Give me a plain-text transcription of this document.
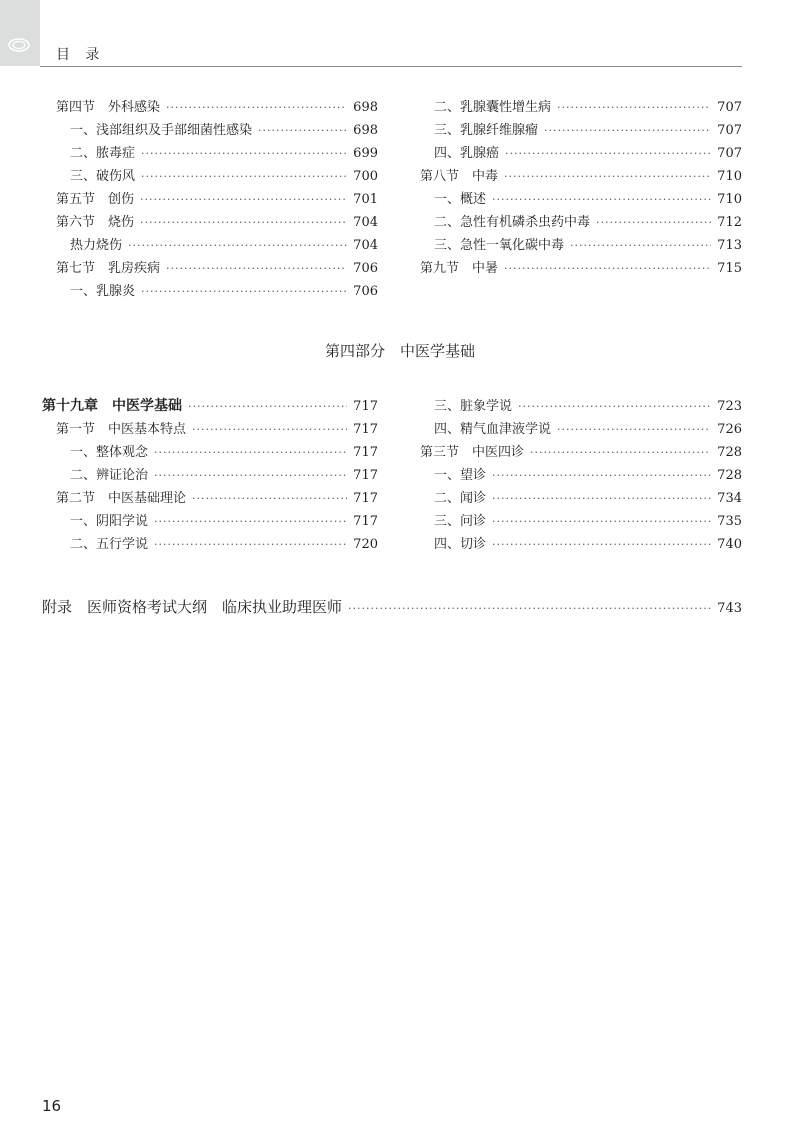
目　录
第四节　外科感染 ·····	698
一、浅部组织及手部细菌性感染 ·····	698
二、脓毒症 ·····	699
三、破伤风 ·····	700
第五节　创伤 ·····	701
第六节　烧伤 ·····	704
热力烧伤 ·····	704
第七节　乳房疾病 ·····	706
一、乳腺炎 ·····	706
二、乳腺囊性增生病 ·····	707
三、乳腺纤维腺瘤 ·····	707
四、乳腺癌 ·····	707
第八节　中毒 ·····	710
一、概述 ·····	710
二、急性有机磷杀虫药中毒 ·····	712
三、急性一氧化碳中毒 ·····	713
第九节　中暑 ·····	715
第四部分　中医学基础
第十九章　中医学基础 ·····	717
第一节　中医基本特点 ·····	717
一、整体观念 ·····	717
二、辨证论治 ·····	717
第二节　中医基础理论 ·····	717
一、阴阳学说 ·····	717
二、五行学说 ·····	720
三、脏象学说 ·····	723
四、精气血津液学说 ·····	726
第三节　中医四诊 ·····	728
一、望诊 ·····	728
二、闻诊 ·····	734
三、问诊 ·····	735
四、切诊 ·····	740
附录　医师资格考试大纲　临床执业助理医师 ·····	743
16
